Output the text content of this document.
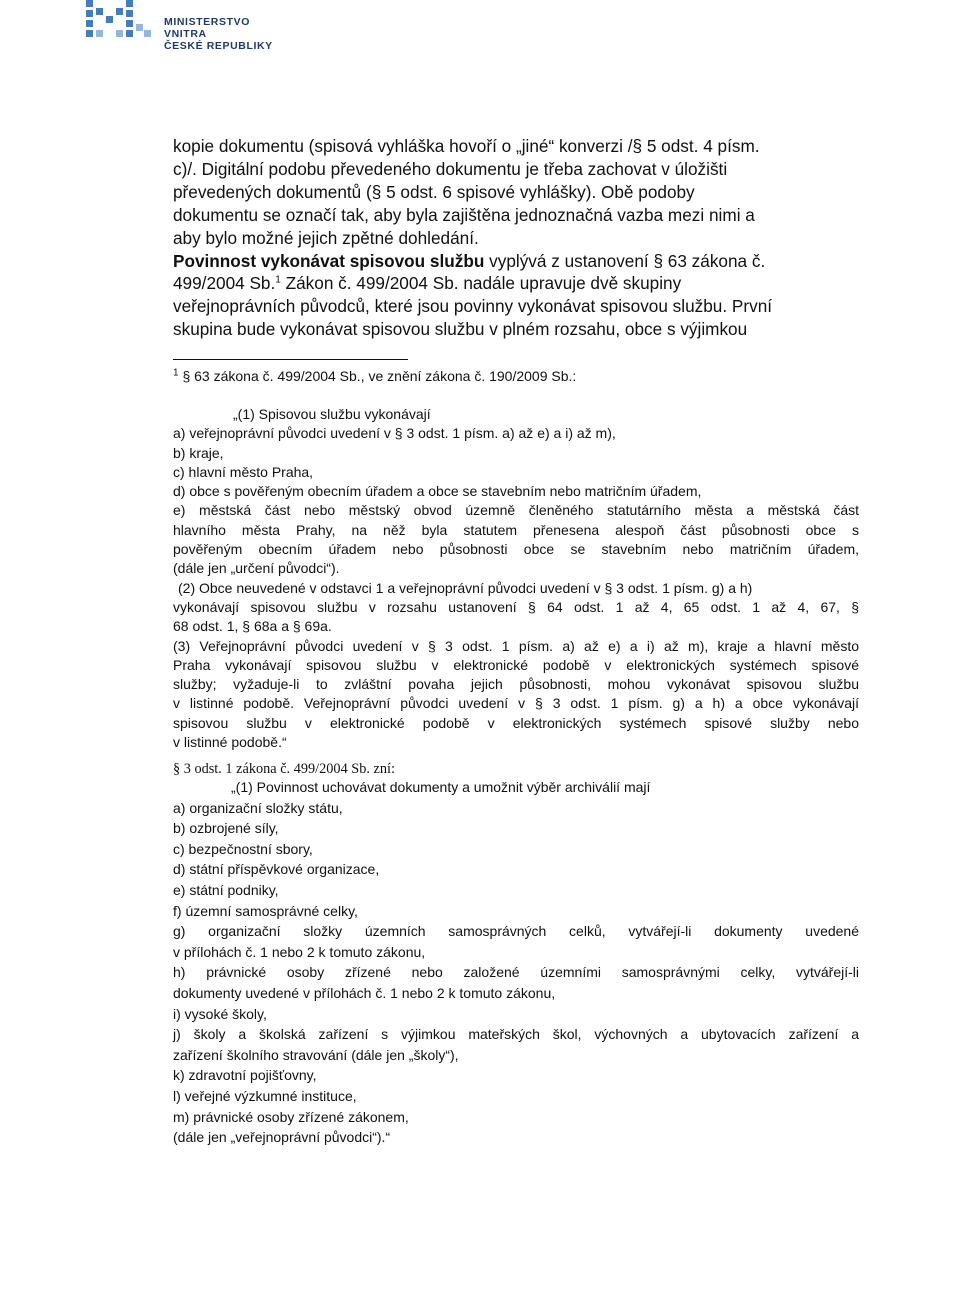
MINISTERSTVO VNITRA
ČESKÉ REPUBLIKY

kopie dokumentu (spisová vyhláška hovoří o „jiné“ konverzi /§ 5 odst. 4 písm.
c)/. Digitální podobu převedeného dokumentu je třeba zachovat v úložišti
převedených dokumentů (§ 5 odst. 6 spisové vyhlášky). Obě podoby
dokumentu se označí tak, aby byla zajištěna jednoznačná vazba mezi nimi a
aby bylo možné jejich zpětné dohledání.

Povinnost vykonávat spisovou službu vyplývá z ustanovení § 63 zákona č.
499/2004 Sb.$^1$ Zákon č. 499/2004 Sb. nadále upravuje dvě skupiny
veřejnoprávních původců, které jsou povinny vykonávat spisovou službu. První
skupina bude vykonávat spisovou službu v plném rozsahu, obce s výjimkou

$^1$ § 63 zákona č. 499/2004 Sb., ve znění zákona č. 190/2009 Sb.:

„(1) Spisovou službu vykonávají

a) veřejnoprávní původci uvedení v § 3 odst. 1 písm. a) až e) a i) až m),

b) kraje,

c) hlavní město Praha,

d) obce s pověřeným obecním úřadem a obce se stavebním nebo matričním úřadem,

e) městská část nebo městský obvod územně členěného statutárního města a městská část

hlavního města Prahy, na něž byla statutem přenesena alespoň část působnosti obce s

pověřeným obecním úřadem nebo působnosti obce se stavebním nebo matričním úřadem,

(dále jen „určení původci“).

(2) Obce neuvedené v odstavci 1 a veřejnoprávní původci uvedení v § 3 odst. 1 písm. g) a h)

vykonávají spisovou službu v rozsahu ustanovení § 64 odst. 1 až 4, 65 odst. 1 až 4, 67, §

68 odst. 1, § 68a a § 69a.

(3) Veřejnoprávní původci uvedení v § 3 odst. 1 písm. a) až e) a i) až m), kraje a hlavní město

Praha vykonávají spisovou službu v elektronické podobě v elektronických systémech spisové

služby; vyžaduje-li to zvláštní povaha jejich působnosti, mohou vykonávat spisovou službu

v listinné podobě. Veřejnoprávní původci uvedení v § 3 odst. 1 písm. g) a h) a obce vykonávají

spisovou službu v elektronické podobě v elektronických systémech spisové služby nebo

v listinné podobě.“

§ 3 odst. 1 zákona č. 499/2004 Sb. zní:

„(1) Povinnost uchovávat dokumenty a umožnit výběr archiválií mají

a) organizační složky státu,

b) ozbrojené síly,

c) bezpečnostní sbory,

d) státní příspěvkové organizace,

e) státní podniky,

f) územní samosprávné celky,

g) organizační složky územních samosprávných celků, vytvářejí-li dokumenty uvedené

v přílohách č. 1 nebo 2 k tomuto zákonu,

h) právnické osoby zřízené nebo založené územními samosprávnými celky, vytvářejí-li

dokumenty uvedené v přílohách č. 1 nebo 2 k tomuto zákonu,

i) vysoké školy,

j) školy a školská zařízení s výjimkou mateřských škol, výchovných a ubytovacích zařízení a

zařízení školního stravování (dále jen „školy“),

k) zdravotní pojišťovny,

l) veřejné výzkumné instituce,

m) právnické osoby zřízené zákonem,

(dále jen „veřejnoprávní původci“).“
